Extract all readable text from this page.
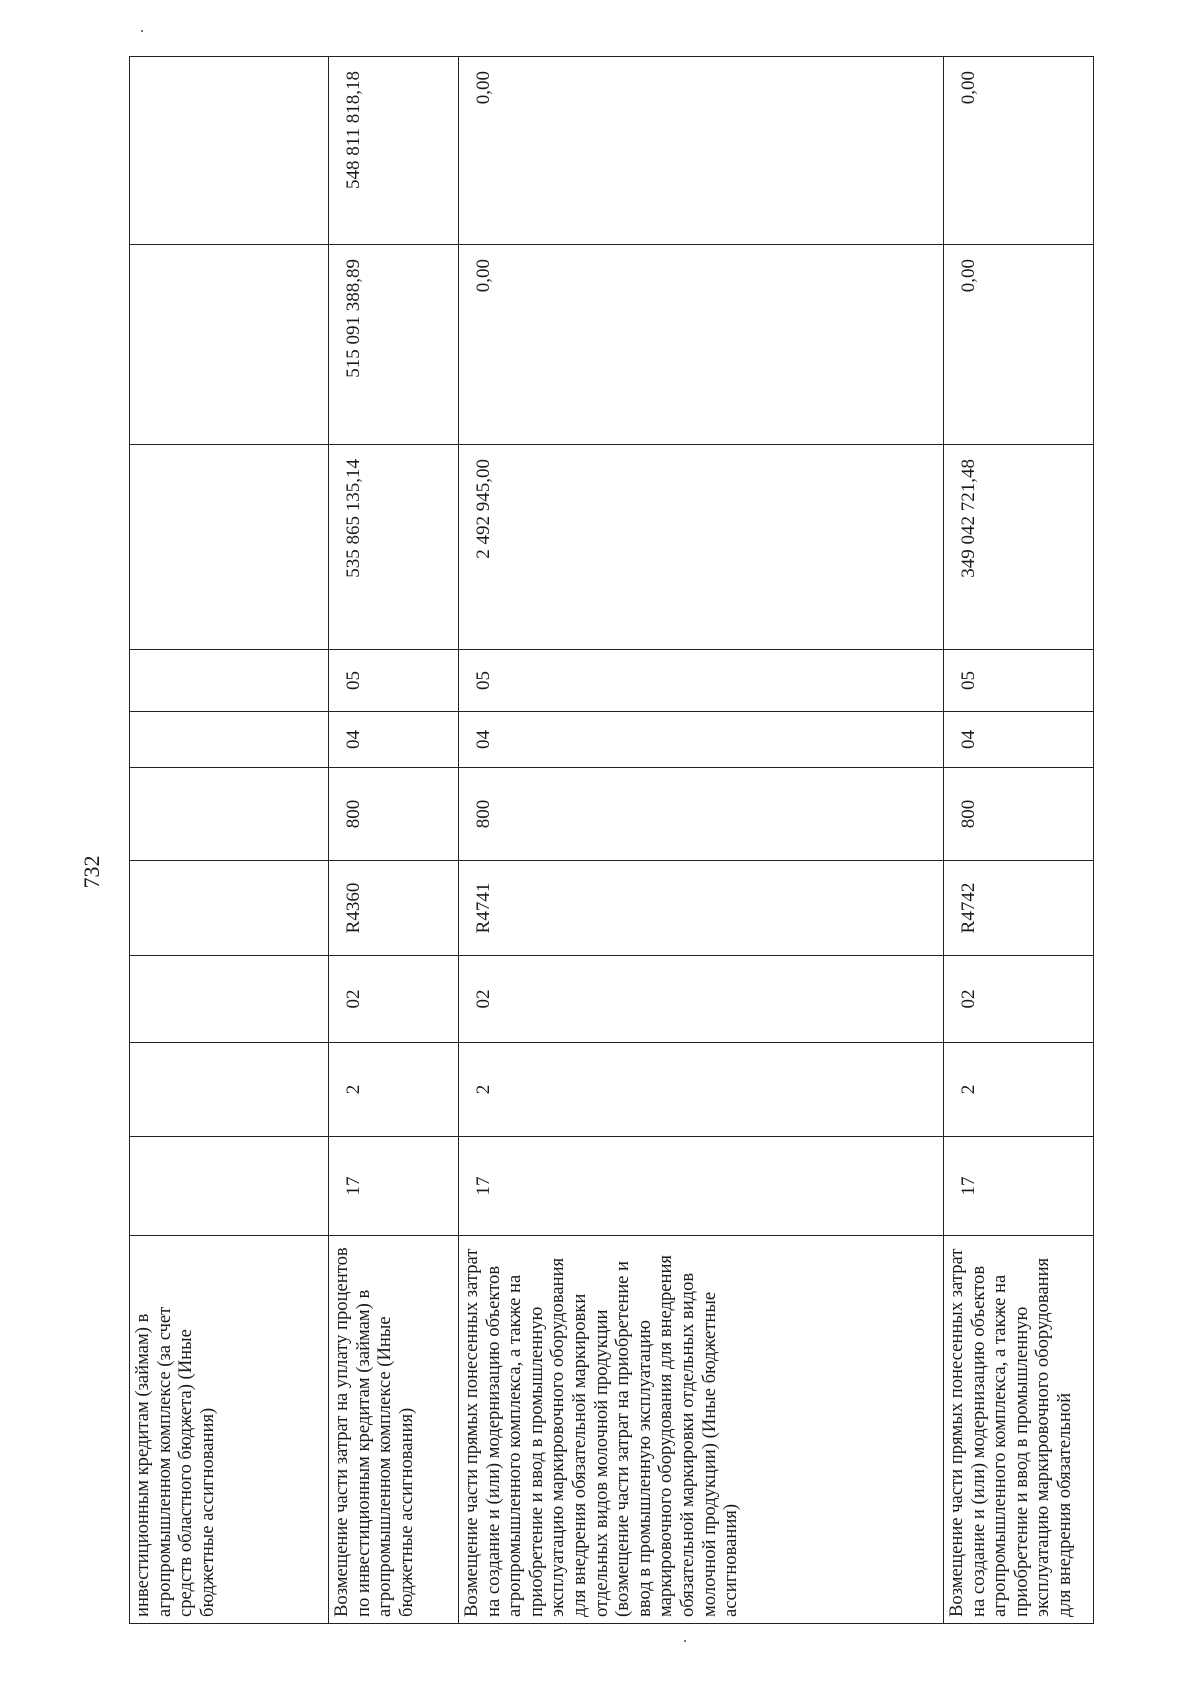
732
инвестиционным кредитам (займам) в агропромышленном комплексе (за счет средств областного бюджета) (Иные бюджетные ассигнования)										
Возмещение части затрат на уплату процентов по инвестиционным кредитам (займам) в агропромышленном комплексе (Иные бюджетные ассигнования)	17	2	02	R4360	800	04	05	535 865 135,14	515 091 388,89	548 811 818,18
Возмещение части прямых понесенных затрат на создание и (или) модернизацию объектов агропромышленного комплекса, а также на приобретение и ввод в промышленную эксплуатацию маркировочного оборудования для внедрения обязательной маркировки отдельных видов молочной продукции (возмещение части затрат на приобретение и ввод в промышленную эксплуатацию маркировочного оборудования для внедрения обязательной маркировки отдельных видов молочной продукции) (Иные бюджетные ассигнования)	17	2	02	R4741	800	04	05	2 492 945,00	0,00	0,00
Возмещение части прямых понесенных затрат на создание и (или) модернизацию объектов агропромышленного комплекса, а также на приобретение и ввод в промышленную эксплуатацию маркировочного оборудования для внедрения обязательной	17	2	02	R4742	800	04	05	349 042 721,48	0,00	0,00
